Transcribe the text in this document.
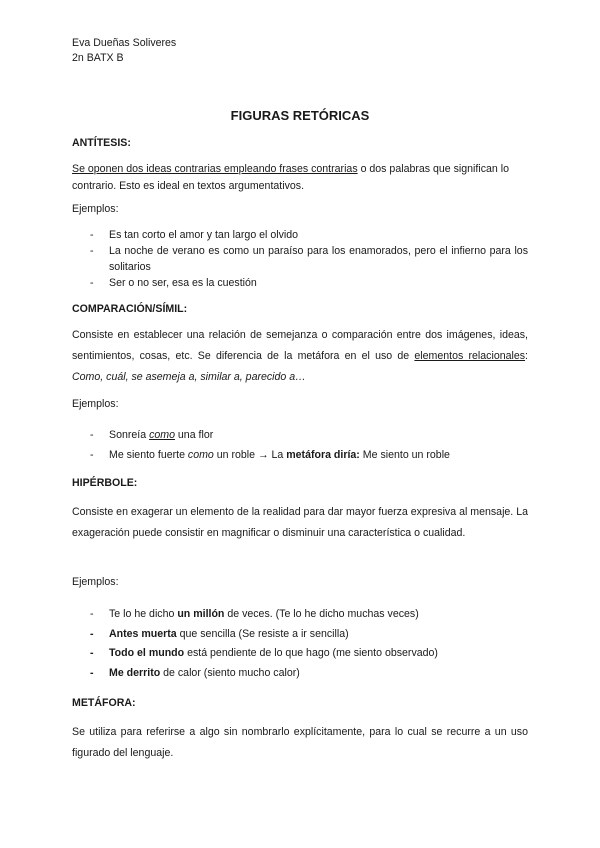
Eva Dueñas Soliveres
2n BATX B
FIGURAS RETÓRICAS
ANTÍTESIS:
Se oponen dos ideas contrarias empleando frases contrarias o dos palabras que significan lo contrario. Esto es ideal en textos argumentativos.
Ejemplos:
- Es tan corto el amor y tan largo el olvido
- La noche de verano es como un paraíso para los enamorados, pero el infierno para los solitarios
- Ser o no ser, esa es la cuestión
COMPARACIÓN/SÍMIL:
Consiste en establecer una relación de semejanza o comparación entre dos imágenes, ideas, sentimientos, cosas, etc. Se diferencia de la metáfora en el uso de elementos relacionales: Como, cuál, se asemeja a, similar a, parecido a…
Ejemplos:
- Sonreía como una flor
- Me siento fuerte como un roble → La metáfora diría: Me siento un roble
HIPÉRBOLE:
Consiste en exagerar un elemento de la realidad para dar mayor fuerza expresiva al mensaje. La exageración puede consistir en magnificar o disminuir una característica o cualidad.
Ejemplos:
- Te lo he dicho un millón de veces. (Te lo he dicho muchas veces)
- Antes muerta que sencilla (Se resiste a ir sencilla)
- Todo el mundo está pendiente de lo que hago (me siento observado)
- Me derrito de calor (siento mucho calor)
METÁFORA:
Se utiliza para referirse a algo sin nombrarlo explícitamente, para lo cual se recurre a un uso figurado del lenguaje.
